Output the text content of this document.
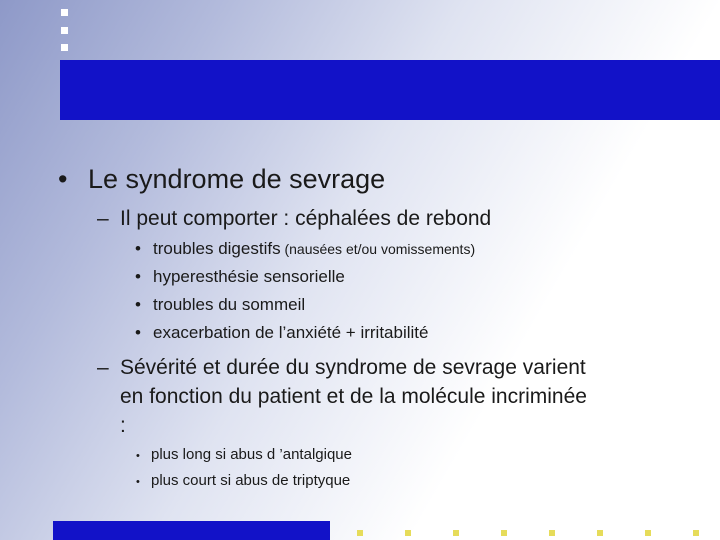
• Le syndrome de sevrage
– Il peut comporter : céphalées de rebond
• troubles digestifs (nausées et/ou vomissements)
• hyperesthésie sensorielle
• troubles du sommeil
• exacerbation de l’anxiété + irritabilité
– Sévérité et durée du syndrome de sevrage varient
en fonction du patient et de la molécule incriminée
:
• plus long si abus d ’antalgique
• plus court si abus de triptyque
